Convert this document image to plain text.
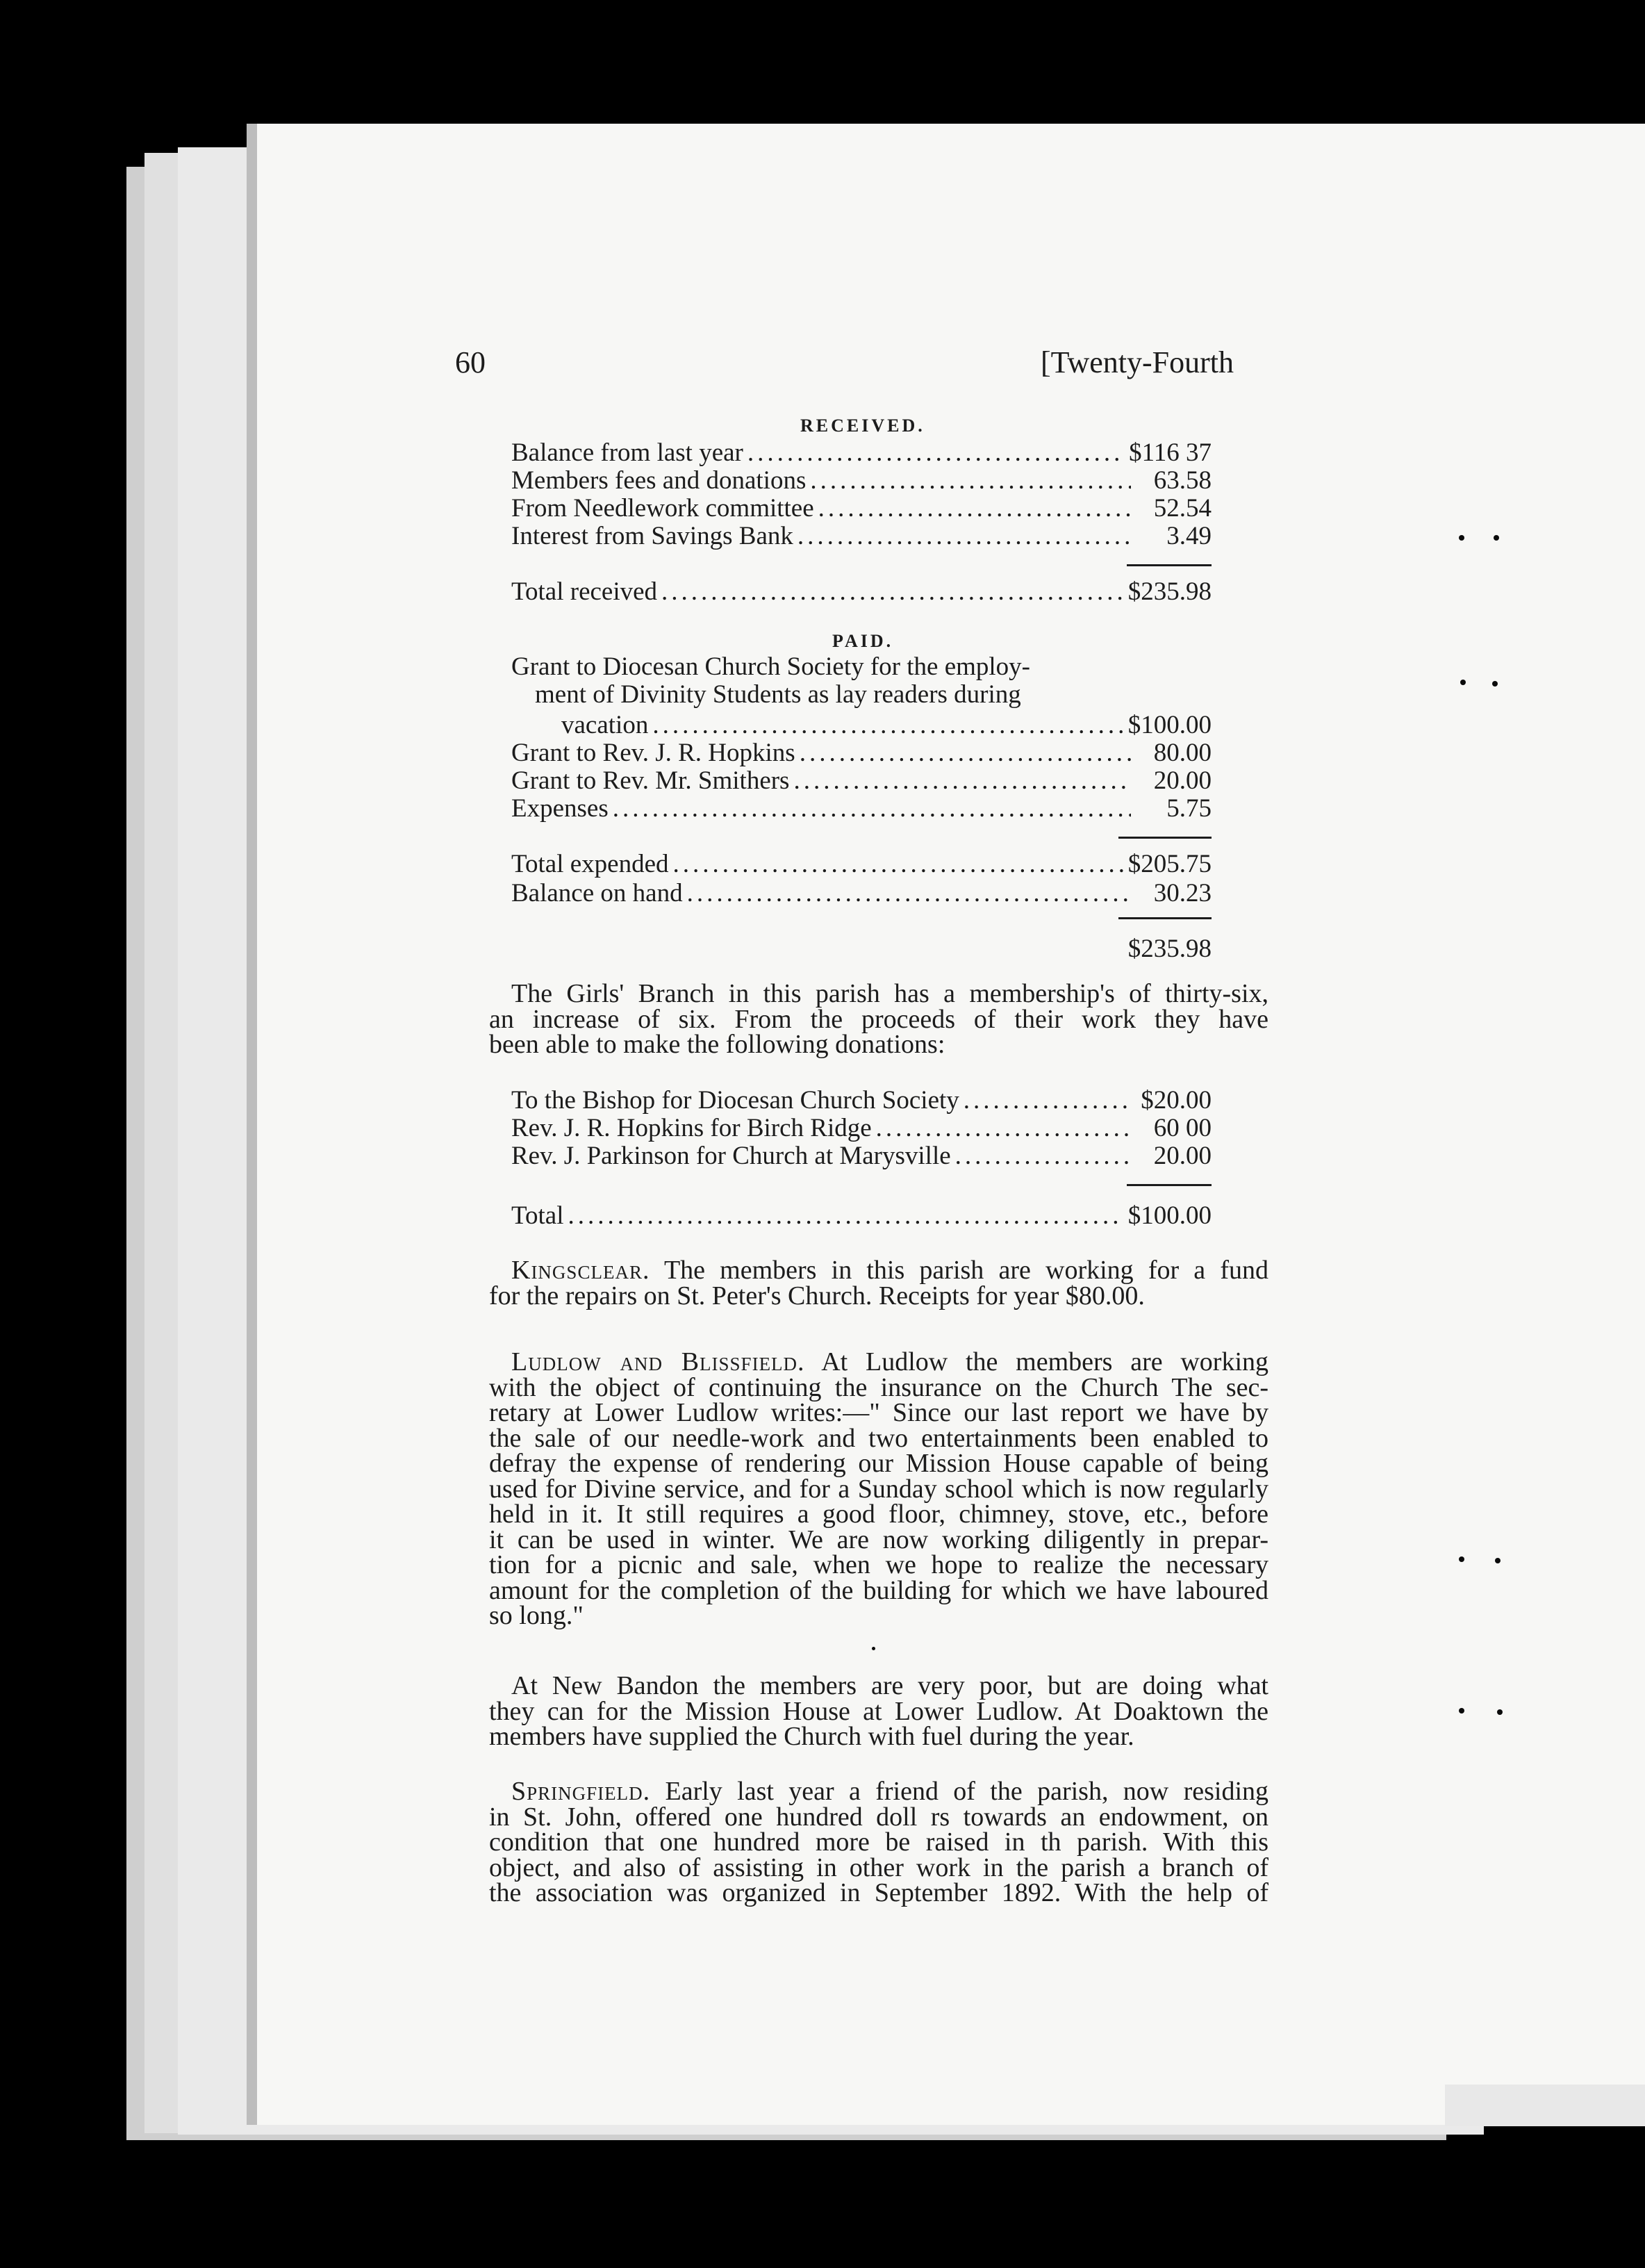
60	[Twenty-Fourth
RECEIVED.
Balance from last year .....	$116 37
Members fees and donations .....	63.58
From Needlework committee .....	52.54
Interest from Savings Bank .....	3.49
Total received .....	$235.98
PAID.
Grant to Diocesan Church Society for the employ-
ment of Divinity Students as lay readers during
vacation .....	$100.00
Grant to Rev. J. R. Hopkins .....	80.00
Grant to Rev. Mr. Smithers .....	20.00
Expenses .....	5.75
Total expended .....	$205.75
Balance on hand .....	30.23
$235.98
The Girls' Branch in this parish has a membership's of thirty-six,
an increase of six. From the proceeds of their work they have
been able to make the following donations:
To the Bishop for Diocesan Church Society .....	$20.00
Rev. J. R. Hopkins for Birch Ridge .....	60 00
Rev. J. Parkinson for Church at Marysville .....	20.00
Total .....	$100.00
Kingsclear. The members in this parish are working for a fund
for the repairs on St. Peter's Church. Receipts for year $80.00.
Ludlow and Blissfield. At Ludlow the members are working
with the object of continuing the insurance on the Church The sec-
retary at Lower Ludlow writes:—" Since our last report we have by
the sale of our needle-work and two entertainments been enabled to
defray the expense of rendering our Mission House capable of being
used for Divine service, and for a Sunday school which is now regularly
held in it. It still requires a good floor, chimney, stove, etc., before
it can be used in winter. We are now working diligently in prepar-
tion for a picnic and sale, when we hope to realize the necessary
amount for the completion of the building for which we have laboured
so long."
At New Bandon the members are very poor, but are doing what
they can for the Mission House at Lower Ludlow. At Doaktown the
members have supplied the Church with fuel during the year.
Springfield. Early last year a friend of the parish, now residing
in St. John, offered one hundred doll rs towards an endowment, on
condition that one hundred more be raised in th parish. With this
object, and also of assisting in other work in the parish a branch of
the association was organized in September 1892. With the help of
